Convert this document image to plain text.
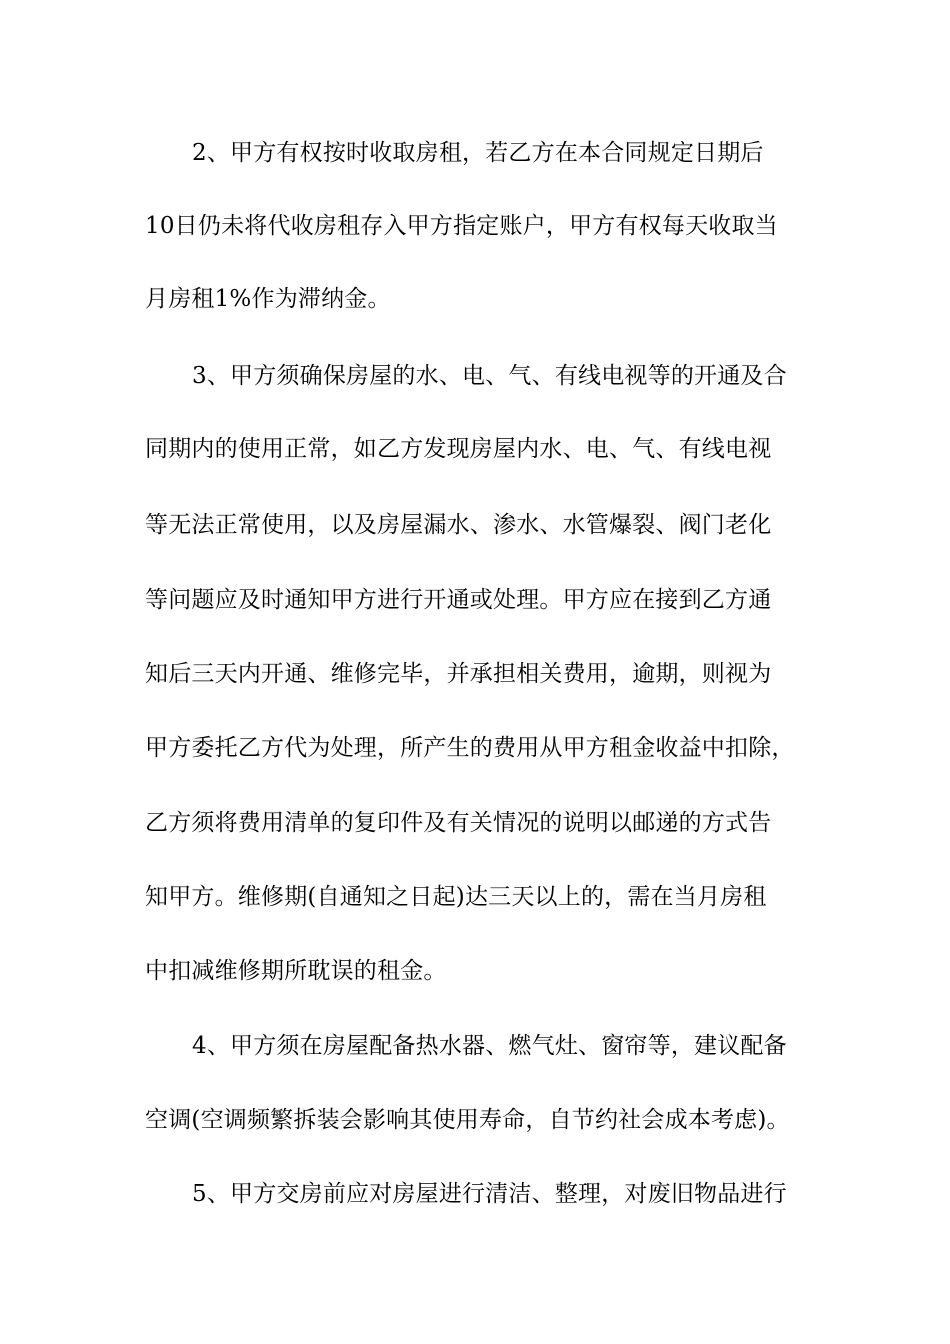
2、甲方有权按时收取房租，若乙方在本合同规定日期后
10日仍未将代收房租存入甲方指定账户，甲方有权每天收取当
月房租1%作为滞纳金。
3、甲方须确保房屋的水、电、气、有线电视等的开通及合
同期内的使用正常，如乙方发现房屋内水、电、气、有线电视
等无法正常使用，以及房屋漏水、渗水、水管爆裂、阀门老化
等问题应及时通知甲方进行开通或处理。甲方应在接到乙方通
知后三天内开通、维修完毕，并承担相关费用，逾期，则视为
甲方委托乙方代为处理，所产生的费用从甲方租金收益中扣除，
乙方须将费用清单的复印件及有关情况的说明以邮递的方式告
知甲方。维修期(自通知之日起)达三天以上的，需在当月房租
中扣减维修期所耽误的租金。
4、甲方须在房屋配备热水器、燃气灶、窗帘等，建议配备
空调(空调频繁拆装会影响其使用寿命，自节约社会成本考虑)。
5、甲方交房前应对房屋进行清洁、整理，对废旧物品进行
